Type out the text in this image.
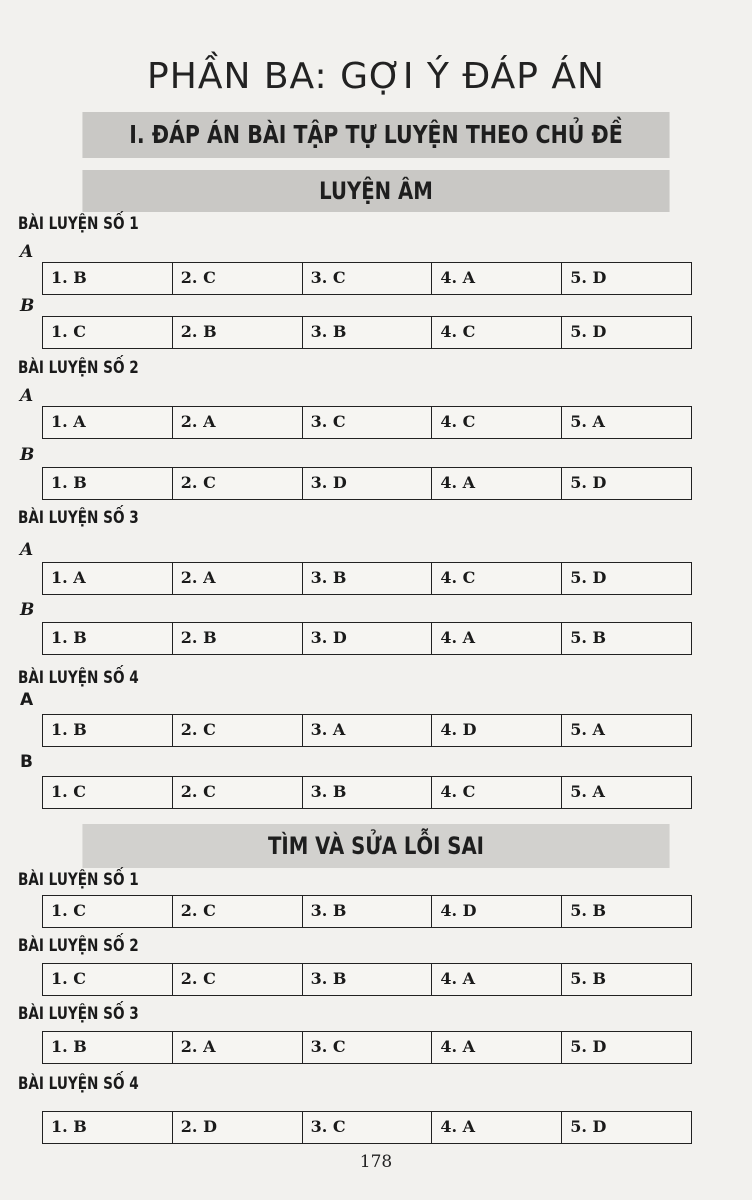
PHẦN BA: GỢI Ý ĐÁP ÁN
I. ĐÁP ÁN BÀI TẬP TỰ LUYỆN THEO CHỦ ĐỀ
LUYỆN ÂM
BÀI LUYỆN SỐ 1
A
1. B	2. C	3. C	4. A	5. D
B
1. C	2. B	3. B	4. C	5. D
BÀI LUYỆN SỐ 2
A
1. A	2. A	3. C	4. C	5. A
B
1. B	2. C	3. D	4. A	5. D
BÀI LUYỆN SỐ 3
A
1. A	2. A	3. B	4. C	5. D
B
1. B	2. B	3. D	4. A	5. B
BÀI LUYỆN SỐ 4
A
1. B	2. C	3. A	4. D	5. A
B
1. C	2. C	3. B	4. C	5. A
TÌM VÀ SỬA LỖI SAI
BÀI LUYỆN SỐ 1
1. C	2. C	3. B	4. D	5. B
BÀI LUYỆN SỐ 2
1. C	2. C	3. B	4. A	5. B
BÀI LUYỆN SỐ 3
1. B	2. A	3. C	4. A	5. D
BÀI LUYỆN SỐ 4
1. B	2. D	3. C	4. A	5. D
178
